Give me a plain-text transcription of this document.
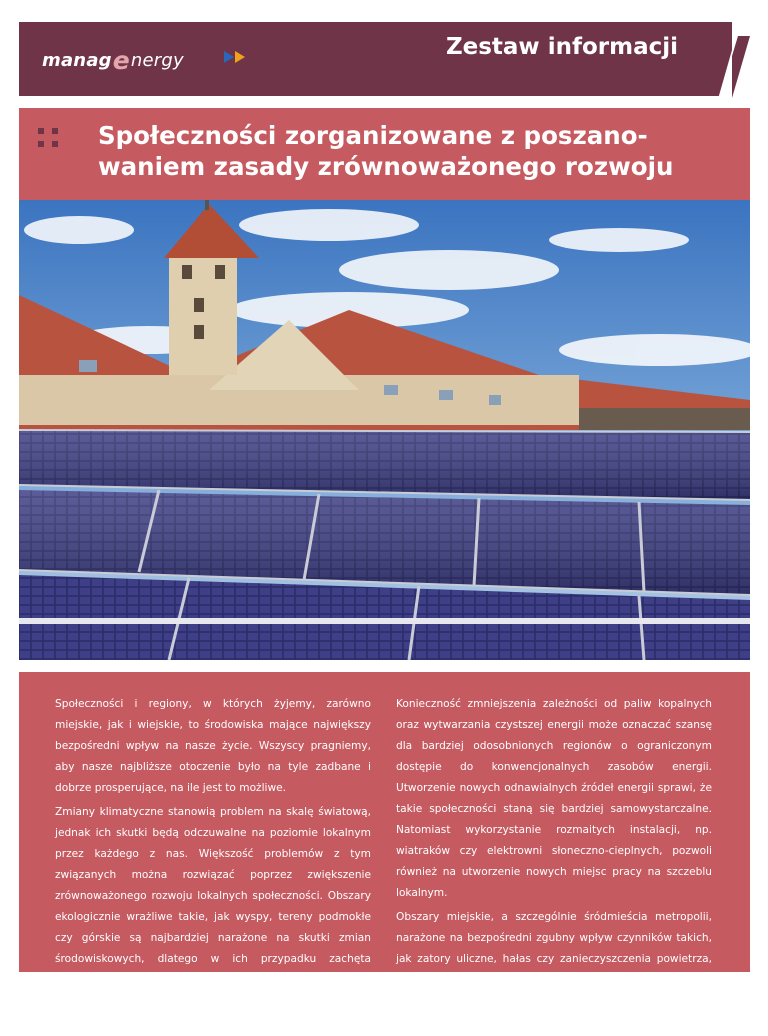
managenergy
Zestaw informacji
Społeczności zorganizowane z poszano-
waniem zasady zrównoważonego rozwoju

Społeczności i regiony, w których żyjemy, zarówno miejskie, jak i wiejskie, to środowiska mające największy bezpośredni wpływ na nasze życie. Wszyscy pragniemy, aby nasze najbliższe otoczenie było na tyle zadbane i dobrze prosperujące, na ile jest to możliwe.

Zmiany klimatyczne stanowią problem na skalę światową, jednak ich skutki będą odczuwalne na poziomie lokalnym przez każdego z nas. Większość problemów z tym związanych można rozwiązać poprzez zwiększenie zrównoważonego rozwoju lokalnych społeczności. Obszary ekologicznie wrażliwe takie, jak wyspy, tereny podmokłe czy górskie są najbardziej narażone na skutki zmian środowiskowych, dlatego w ich przypadku zachęta osiągnięcia większego zrównoważenia jest silniejsza.

Konieczność zmniejszenia zależności od paliw kopalnych oraz wytwarzania czystszej energii może oznaczać szansę dla bardziej odosobnionych regionów o ograniczonym dostępie do konwencjonalnych zasobów energii. Utworzenie nowych odnawialnych źródeł energii sprawi, że takie społeczności staną się bardziej samowystarczalne. Natomiast wykorzystanie rozmaitych instalacji, np. wiatraków czy elektrowni słoneczno-cieplnych, pozwoli również na utworzenie nowych miejsc pracy na szczeblu lokalnym.

Obszary miejskie, a szczególnie śródmieścia metropolii, narażone na bezpośredni zgubny wpływ czynników takich, jak zatory uliczne, hałas czy zanieczyszczenia powietrza, zachęca się do powiększania terenów zielonych. Ponadto usprawnienie transportu publicznego może przynieść wiele korzystnych zmian i ograniczyć całkowite zużycie energii.
